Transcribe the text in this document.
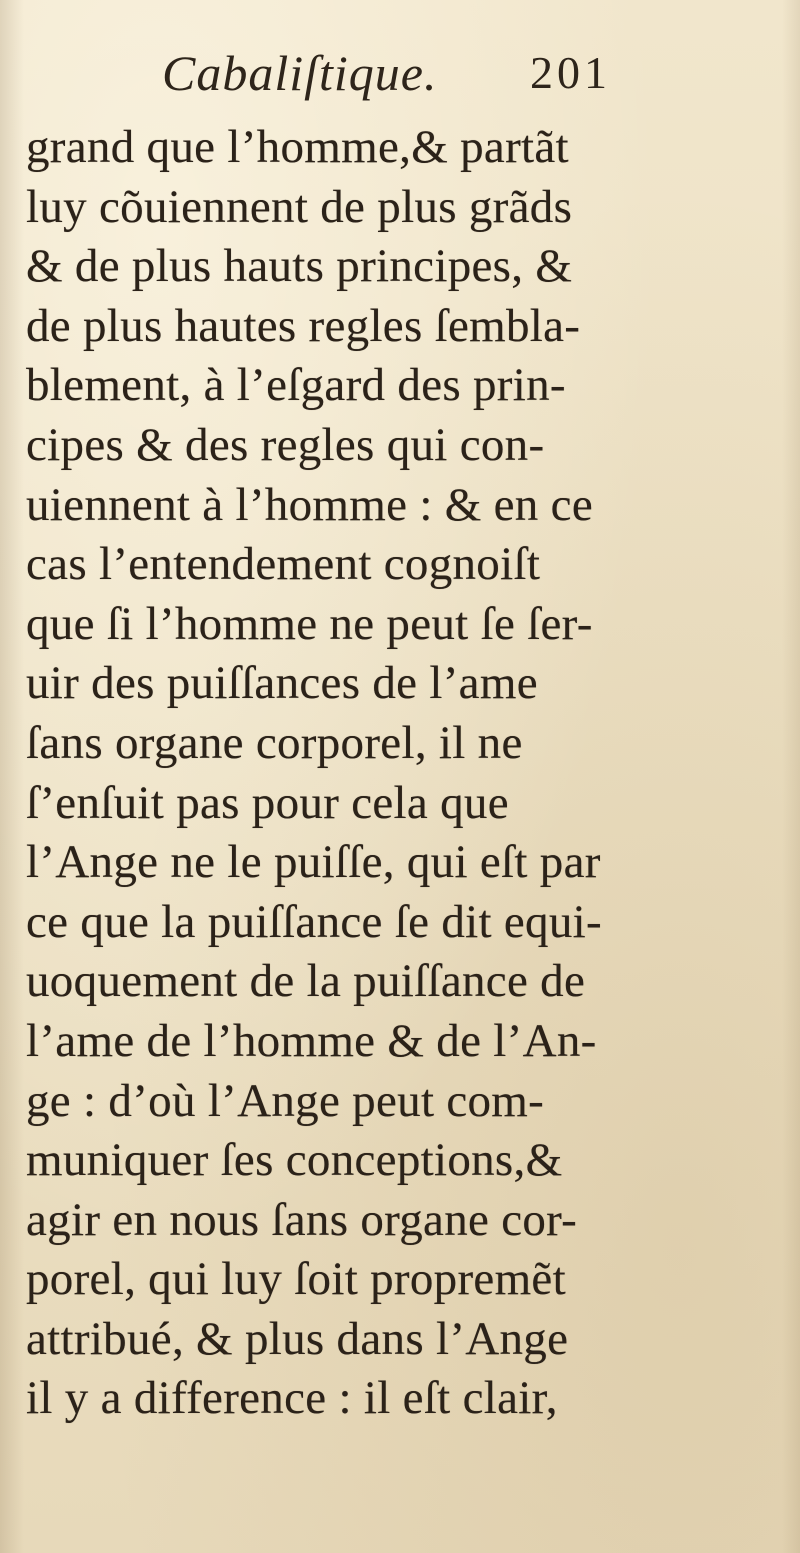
Cabaliſtique. 201
grand que l’homme,& partãt
luy cõuiennent de plus grãds
& de plus hauts principes, &
de plus hautes regles ſembla-
blement, à l’eſgard des prin-
cipes & des regles qui con-
uiennent à l’homme : & en ce
cas l’entendement cognoiſt
que ſi l’homme ne peut ſe ſer-
uir des puiſſances de l’ame
ſans organe corporel, il ne
ſ’enſuit pas pour cela que
l’Ange ne le puiſſe, qui eſt par
ce que la puiſſance ſe dit equi-
uoquement de la puiſſance de
l’ame de l’homme & de l’An-
ge : d’où l’Ange peut com-
muniquer ſes conceptions,&
agir en nous ſans organe cor-
porel, qui luy ſoit propremẽt
attribué, & plus dans l’Ange
il y a difference : il eſt clair,
